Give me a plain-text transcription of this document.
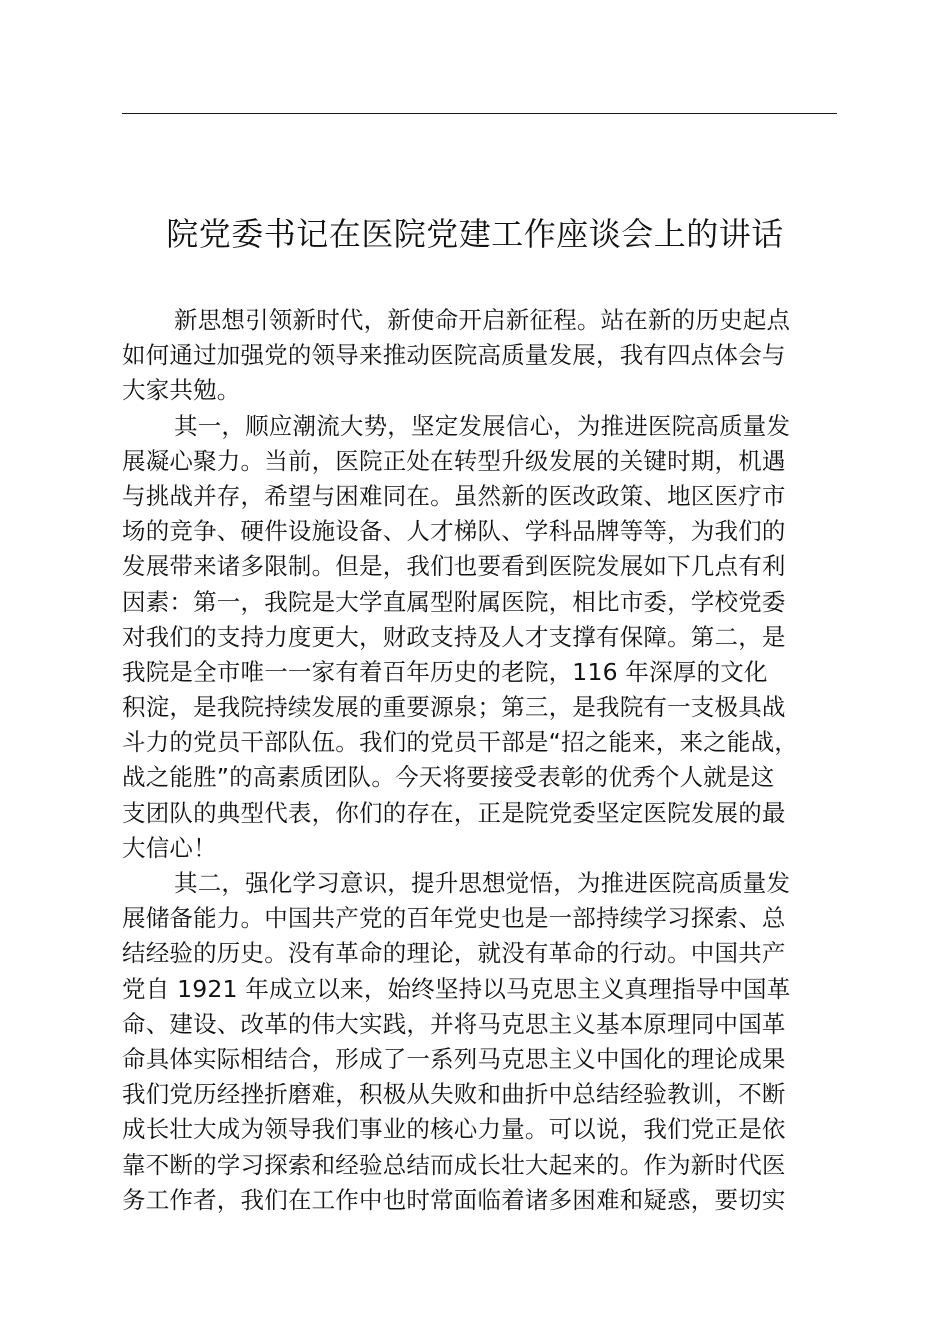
院党委书记在医院党建工作座谈会上的讲话
新思想引领新时代，新使命开启新征程。站在新的历史起点
如何通过加强党的领导来推动医院高质量发展，我有四点体会与
大家共勉。
其一，顺应潮流大势，坚定发展信心，为推进医院高质量发
展凝心聚力。当前，医院正处在转型升级发展的关键时期，机遇
与挑战并存，希望与困难同在。虽然新的医改政策、地区医疗市
场的竞争、硬件设施设备、人才梯队、学科品牌等等，为我们的
发展带来诸多限制。但是，我们也要看到医院发展如下几点有利
因素：第一，我院是大学直属型附属医院，相比市委，学校党委
对我们的支持力度更大，财政支持及人才支撑有保障。第二，是
我院是全市唯一一家有着百年历史的老院，116 年深厚的文化
积淀，是我院持续发展的重要源泉；第三，是我院有一支极具战
斗力的党员干部队伍。我们的党员干部是“招之能来，来之能战，
战之能胜”的高素质团队。今天将要接受表彰的优秀个人就是这
支团队的典型代表，你们的存在，正是院党委坚定医院发展的最
大信心！
其二，强化学习意识，提升思想觉悟，为推进医院高质量发
展储备能力。中国共产党的百年党史也是一部持续学习探索、总
结经验的历史。没有革命的理论，就没有革命的行动。中国共产
党自 1921 年成立以来，始终坚持以马克思主义真理指导中国革
命、建设、改革的伟大实践，并将马克思主义基本原理同中国革
命具体实际相结合，形成了一系列马克思主义中国化的理论成果
我们党历经挫折磨难，积极从失败和曲折中总结经验教训，不断
成长壮大成为领导我们事业的核心力量。可以说，我们党正是依
靠不断的学习探索和经验总结而成长壮大起来的。作为新时代医
务工作者，我们在工作中也时常面临着诸多困难和疑惑，要切实
